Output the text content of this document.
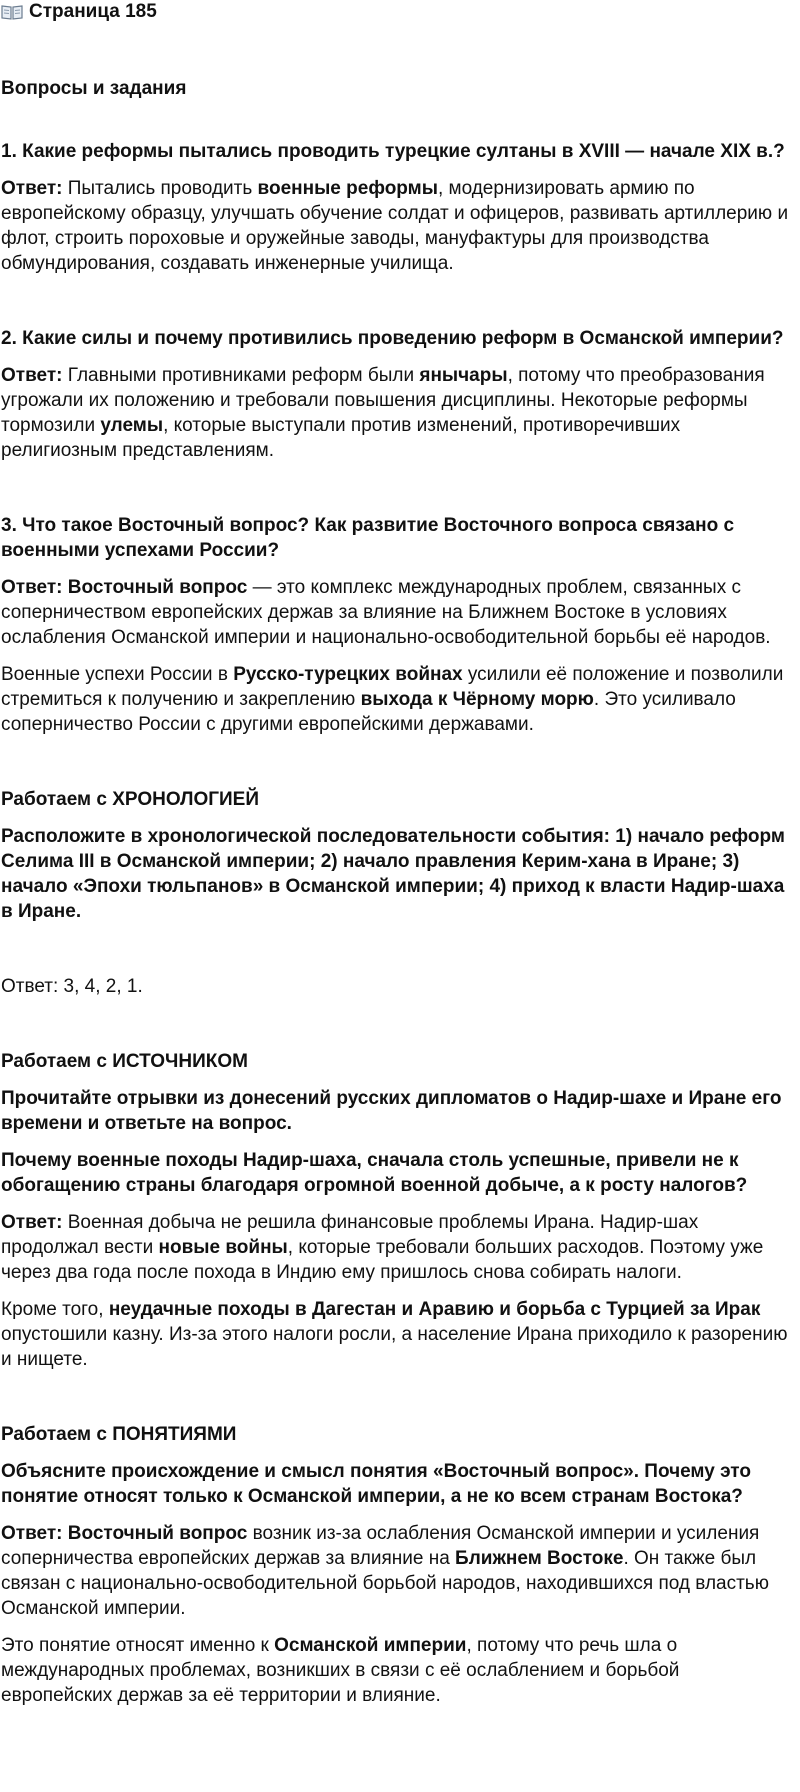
Страница 185
Вопросы и задания
1. Какие реформы пытались проводить турецкие султаны в XVIII — начале XIX в.?

Ответ: Пытались проводить военные реформы, модернизировать армию по европейскому образцу, улучшать обучение солдат и офицеров, развивать артиллерию и флот, строить пороховые и оружейные заводы, мануфактуры для производства обмундирования, создавать инженерные училища.

2. Какие силы и почему противились проведению реформ в Османской империи?

Ответ: Главными противниками реформ были янычары, потому что преобразования угрожали их положению и требовали повышения дисциплины. Некоторые реформы тормозили улемы, которые выступали против изменений, противоречивших религиозным представлениям.

3. Что такое Восточный вопрос? Как развитие Восточного вопроса связано с военными успехами России?

Ответ: Восточный вопрос — это комплекс международных проблем, связанных с соперничеством европейских держав за влияние на Ближнем Востоке в условиях ослабления Османской империи и национально-освободительной борьбы её народов.

Военные успехи России в Русско-турецких войнах усилили её положение и позволили стремиться к получению и закреплению выхода к Чёрному морю. Это усиливало соперничество России с другими европейскими державами.

Работаем с ХРОНОЛОГИЕЙ

Расположите в хронологической последовательности события: 1) начало реформ Селима III в Османской империи; 2) начало правления Керим-хана в Иране; 3) начало «Эпохи тюльпанов» в Османской империи; 4) приход к власти Надир-шаха в Иране.

Ответ: 3, 4, 2, 1.

Работаем с ИСТОЧНИКОМ

Прочитайте отрывки из донесений русских дипломатов о Надир-шахе и Иране его времени и ответьте на вопрос.

Почему военные походы Надир-шаха, сначала столь успешные, привели не к обогащению страны благодаря огромной военной добыче, а к росту налогов?

Ответ: Военная добыча не решила финансовые проблемы Ирана. Надир-шах продолжал вести новые войны, которые требовали больших расходов. Поэтому уже через два года после похода в Индию ему пришлось снова собирать налоги.

Кроме того, неудачные походы в Дагестан и Аравию и борьба с Турцией за Ирак опустошили казну. Из-за этого налоги росли, а население Ирана приходило к разорению и нищете.

Работаем с ПОНЯТИЯМИ

Объясните происхождение и смысл понятия «Восточный вопрос». Почему это понятие относят только к Османской империи, а не ко всем странам Востока?

Ответ: Восточный вопрос возник из-за ослабления Османской империи и усиления соперничества европейских держав за влияние на Ближнем Востоке. Он также был связан с национально-освободительной борьбой народов, находившихся под властью Османской империи.

Это понятие относят именно к Османской империи, потому что речь шла о международных проблемах, возникших в связи с её ослаблением и борьбой европейских держав за её территории и влияние.
